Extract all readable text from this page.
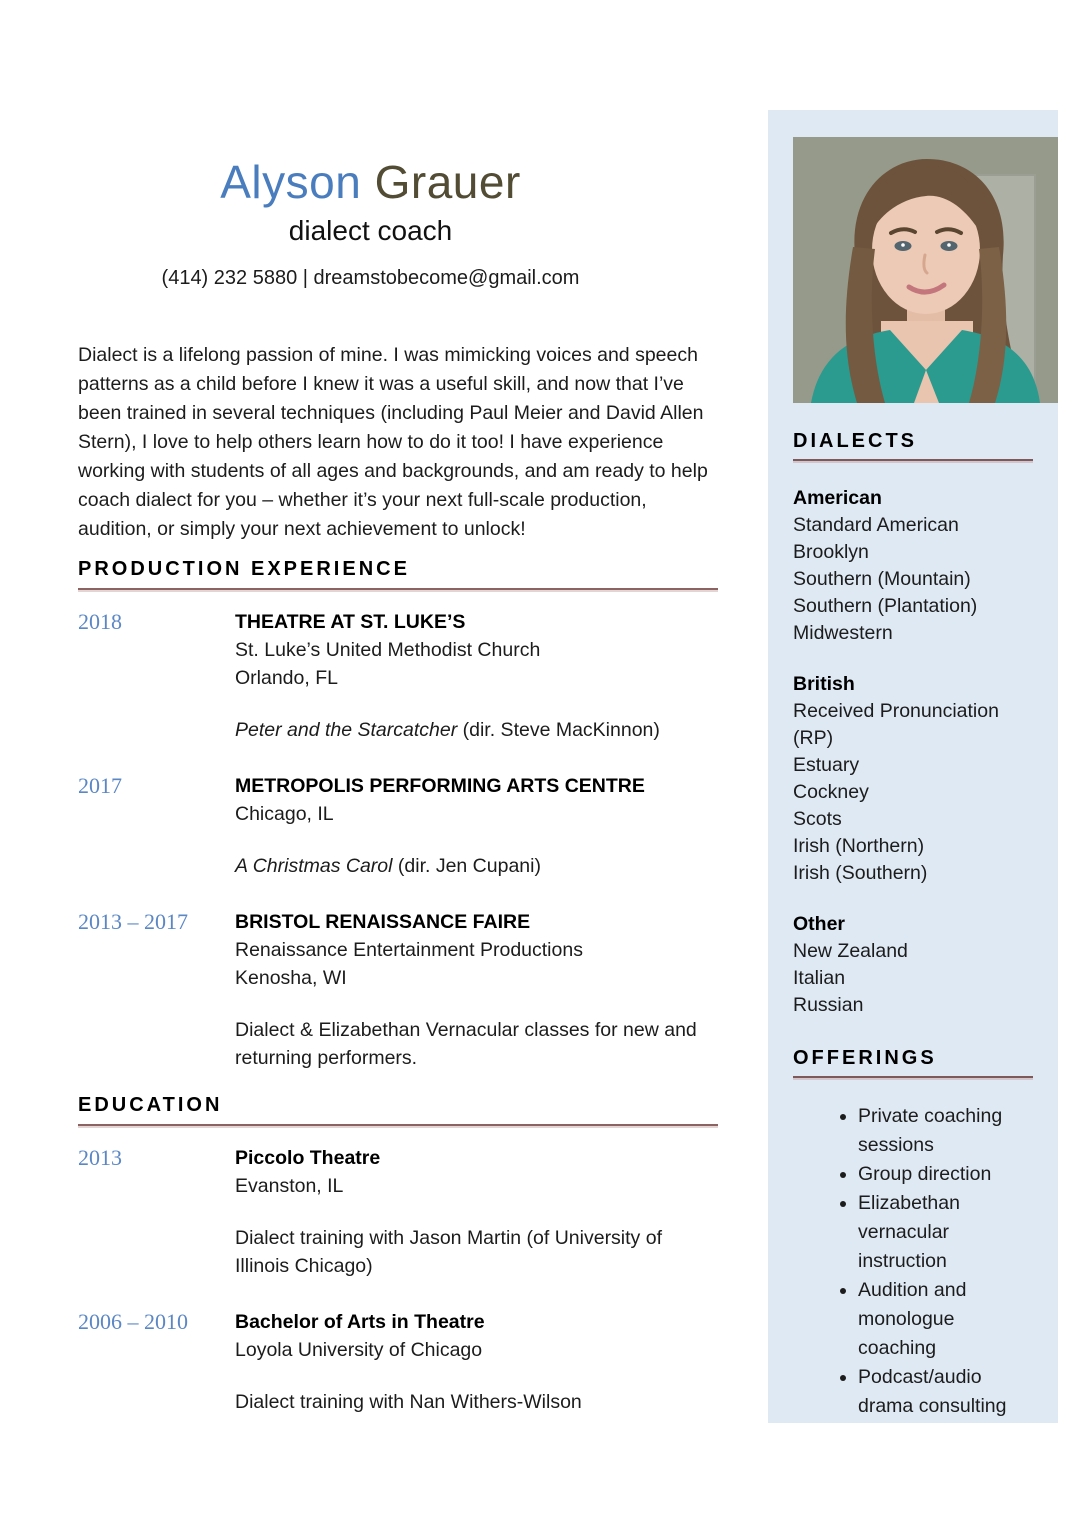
Alyson Grauer
dialect coach
(414) 232 5880 | dreamstobecome@gmail.com

Dialect is a lifelong passion of mine. I was mimicking voices and speech patterns as a child before I knew it was a useful skill, and now that I’ve been trained in several techniques (including Paul Meier and David Allen Stern), I love to help others learn how to do it too! I have experience working with students of all ages and backgrounds, and am ready to help coach dialect for you – whether it’s your next full-scale production, audition, or simply your next achievement to unlock!

PRODUCTION EXPERIENCE
2018	THEATRE AT ST. LUKE’S
St. Luke’s United Methodist Church
Orlando, FL
Peter and the Starcatcher (dir. Steve MacKinnon)
2017	METROPOLIS PERFORMING ARTS CENTRE
Chicago, IL
A Christmas Carol (dir. Jen Cupani)
2013 – 2017	BRISTOL RENAISSANCE FAIRE
Renaissance Entertainment Productions
Kenosha, WI
Dialect & Elizabethan Vernacular classes for new and returning performers.
EDUCATION
2013	Piccolo Theatre
Evanston, IL
Dialect training with Jason Martin (of University of Illinois Chicago)
2006 – 2010	Bachelor of Arts in Theatre
Loyola University of Chicago
Dialect training with Nan Withers-Wilson
DIALECTS
American
Standard American
Brooklyn
Southern (Mountain)
Southern (Plantation)
Midwestern
British
Received Pronunciation (RP)
Estuary
Cockney
Scots
Irish (Northern)
Irish (Southern)
Other
New Zealand
Italian
Russian
OFFERINGS
• Private coaching sessions
• Group direction
• Elizabethan vernacular instruction
• Audition and monologue coaching
• Podcast/audio drama consulting
